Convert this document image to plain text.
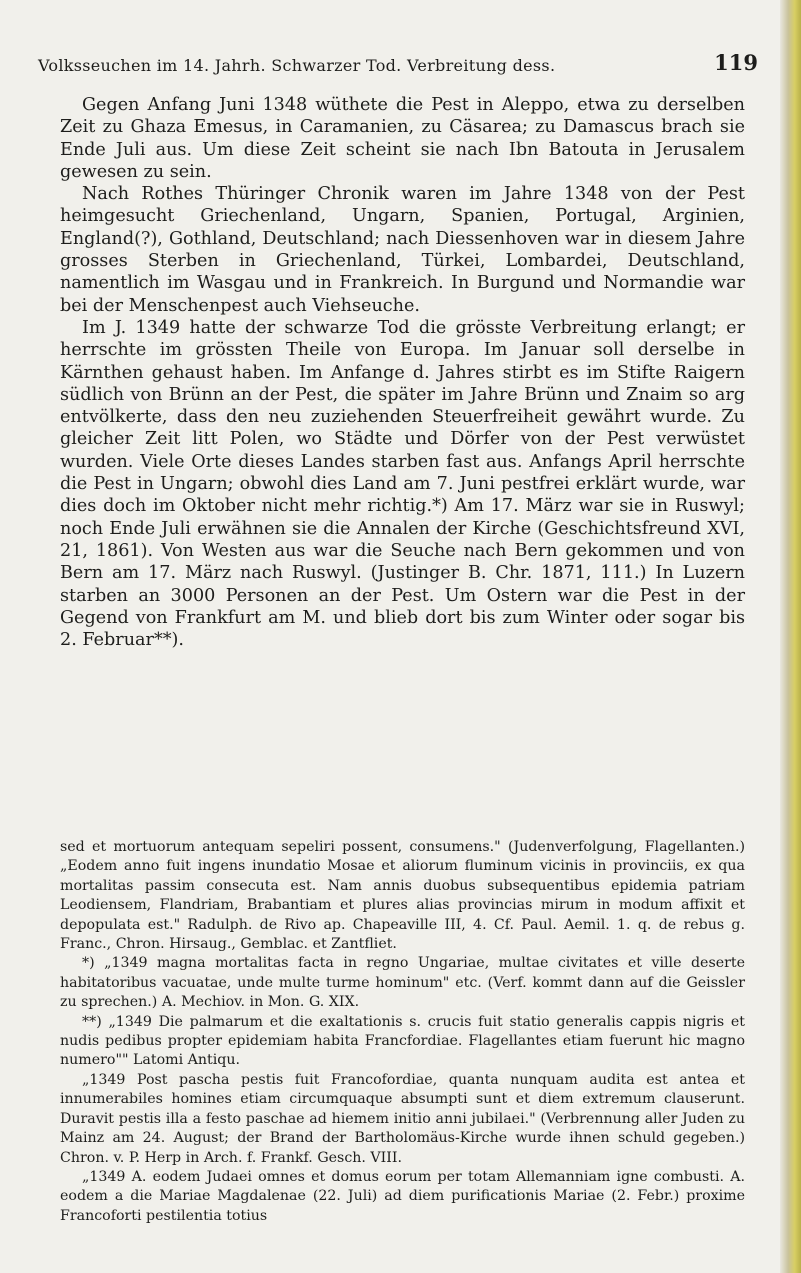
Volksseuchen im 14. Jahrh. Schwarzer Tod. Verbreitung dess.	119

Gegen Anfang Juni 1348 wüthete die Pest in Aleppo, etwa zu derselben Zeit zu Ghaza Emesus, in Caramanien, zu Cäsarea; zu Damascus brach sie Ende Juli aus. Um diese Zeit scheint sie nach Ibn Batouta in Jerusalem gewesen zu sein.

Nach Rothes Thüringer Chronik waren im Jahre 1348 von der Pest heimgesucht Griechenland, Ungarn, Spanien, Portugal, Arginien, England(?), Gothland, Deutschland; nach Diessenhoven war in diesem Jahre grosses Sterben in Griechenland, Türkei, Lombardei, Deutschland, namentlich im Wasgau und in Frankreich. In Burgund und Normandie war bei der Menschenpest auch Viehseuche.

Im J. 1349 hatte der schwarze Tod die grösste Verbreitung erlangt; er herrschte im grössten Theile von Europa. Im Januar soll derselbe in Kärnthen gehaust haben. Im Anfange d. Jahres stirbt es im Stifte Raigern südlich von Brünn an der Pest, die später im Jahre Brünn und Znaim so arg entvölkerte, dass den neu zuziehenden Steuerfreiheit gewährt wurde. Zu gleicher Zeit litt Polen, wo Städte und Dörfer von der Pest verwüstet wurden. Viele Orte dieses Landes starben fast aus. Anfangs April herrschte die Pest in Ungarn; obwohl dies Land am 7. Juni pestfrei erklärt wurde, war dies doch im Oktober nicht mehr richtig.*) Am 17. März war sie in Ruswyl; noch Ende Juli erwähnen sie die Annalen der Kirche (Geschichtsfreund XVI, 21, 1861). Von Westen aus war die Seuche nach Bern gekommen und von Bern am 17. März nach Ruswyl. (Justinger B. Chr. 1871, 111.) In Luzern starben an 3000 Personen an der Pest. Um Ostern war die Pest in der Gegend von Frankfurt am M. und blieb dort bis zum Winter oder sogar bis 2. Februar**).

sed et mortuorum antequam sepeliri possent, consumens." (Judenverfolgung, Flagellanten.) „Eodem anno fuit ingens inundatio Mosae et aliorum fluminum vicinis in provinciis, ex qua mortalitas passim consecuta est. Nam annis duobus subsequentibus epidemia patriam Leodiensem, Flandriam, Brabantiam et plures alias provincias mirum in modum affixit et depopulata est." Radulph. de Rivo ap. Chapeaville III, 4. Cf. Paul. Aemil. 1. q. de rebus g. Franc., Chron. Hirsaug., Gemblac. et Zantfliet.

*) „1349 magna mortalitas facta in regno Ungariae, multae civitates et ville deserte habitatoribus vacuatae, unde multe turme hominum" etc. (Verf. kommt dann auf die Geissler zu sprechen.) A. Mechiov. in Mon. G. XIX.

**) „1349 Die palmarum et die exaltationis s. crucis fuit statio generalis cappis nigris et nudis pedibus propter epidemiam habita Francfordiae. Flagellantes etiam fuerunt hic magno numero"" Latomi Antiqu.

„1349 Post pascha pestis fuit Francofordiae, quanta nunquam audita est antea et innumerabiles homines etiam circumquaque absumpti sunt et diem extremum clauserunt. Duravit pestis illa a festo paschae ad hiemem initio anni jubilaei." (Verbrennung aller Juden zu Mainz am 24. August; der Brand der Bartholomäus-Kirche wurde ihnen schuld gegeben.) Chron. v. P. Herp in Arch. f. Frankf. Gesch. VIII.

„1349 A. eodem Judaei omnes et domus eorum per totam Allemanniam igne combusti. A. eodem a die Mariae Magdalenae (22. Juli) ad diem purificationis Mariae (2. Febr.) proxime Francoforti pestilentia totius
